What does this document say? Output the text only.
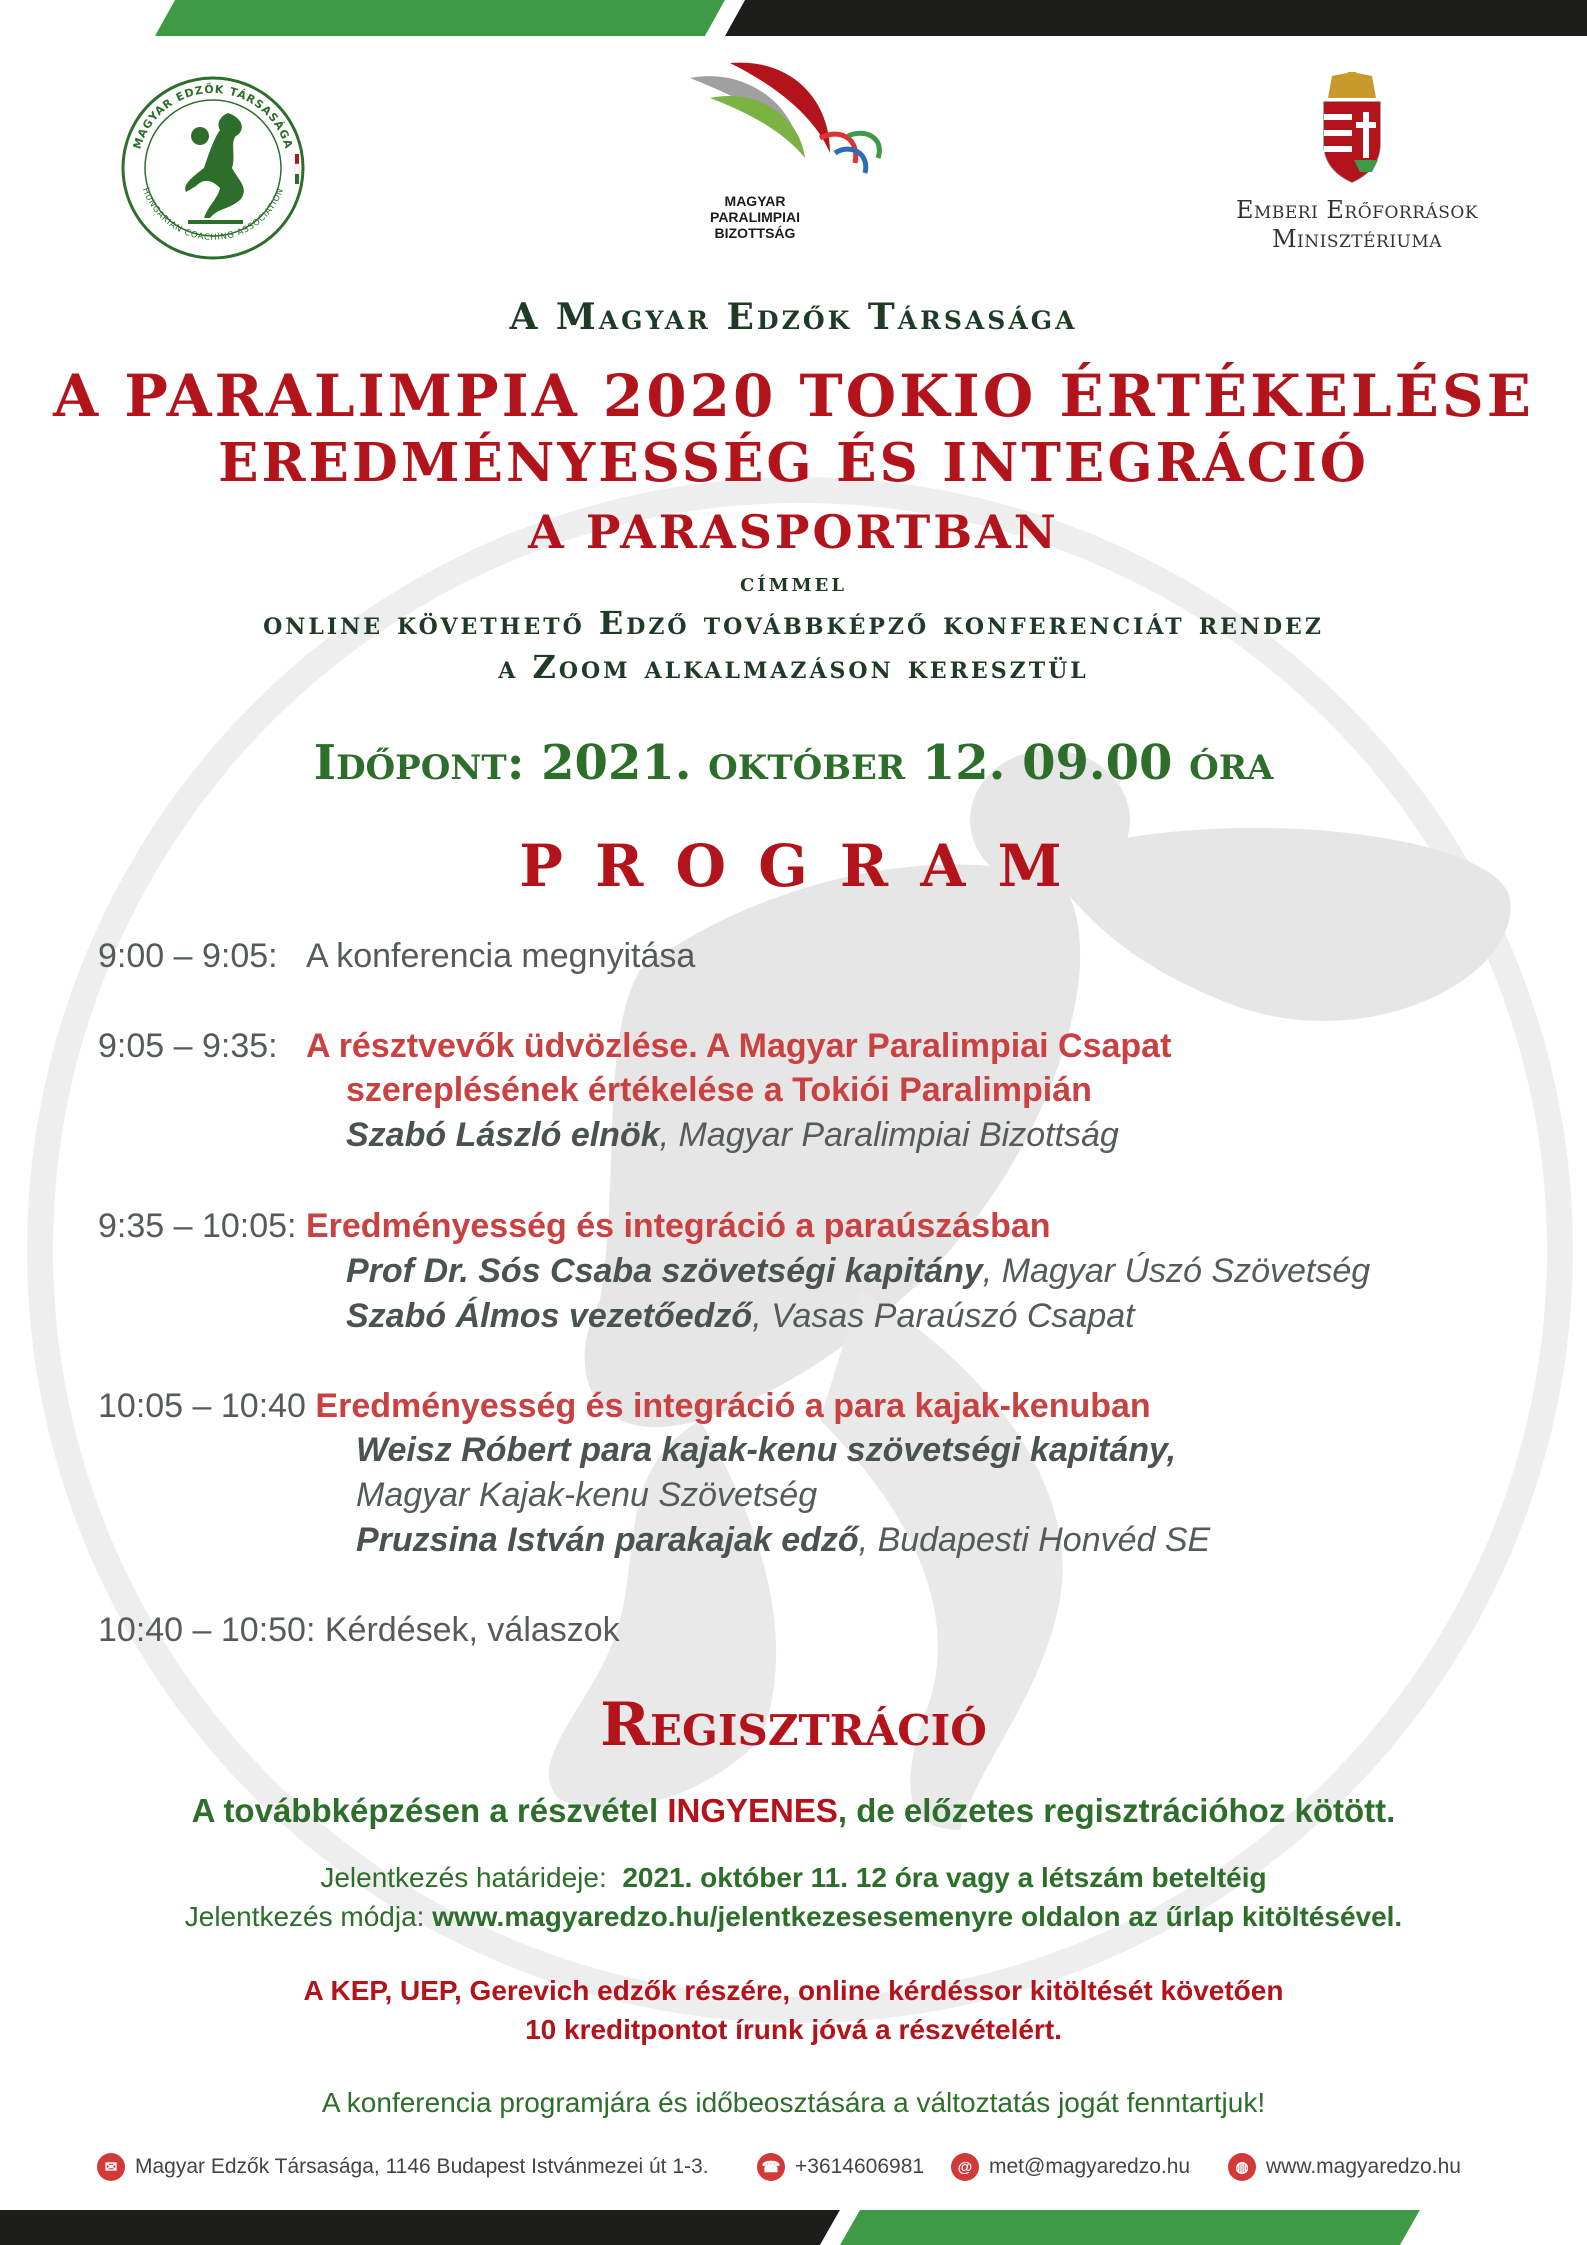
MAGYAR EDZŐK TÁRSASÁGA
HUNGARIAN COACHING ASSOCIATION
MAGYAR
PARALIMPIAI
BIZOTTSÁG
Emberi Erőforrások
Minisztériuma
A Magyar Edzők Társasága
A PARALIMPIA 2020 TOKIO ÉRTÉKELÉSE
EREDMÉNYESSÉG ÉS INTEGRÁCIÓ
A PARASPORTBAN
címmel
online követhető Edző továbbképző konferenciát rendez
a Zoom alkalmazáson keresztül
Időpont: 2021. október 12. 09.00 óra
P R O G R A M
9:00 – 9:05: A konferencia megnyitása
9:05 – 9:35: A résztvevők üdvözlése. A Magyar Paralimpiai Csapat
szereplésének értékelése a Tokiói Paralimpián
Szabó László elnök, Magyar Paralimpiai Bizottság
9:35 – 10:05: Eredményesség és integráció a paraúszásban
Prof Dr. Sós Csaba szövetségi kapitány, Magyar Úszó Szövetség
Szabó Álmos vezetőedző, Vasas Paraúszó Csapat
10:05 – 10:40 Eredményesség és integráció a para kajak-kenuban
Weisz Róbert para kajak-kenu szövetségi kapitány,
Magyar Kajak-kenu Szövetség
Pruzsina István parakajak edző, Budapesti Honvéd SE
10:40 – 10:50: Kérdések, válaszok
Regisztráció
A továbbképzésen a részvétel INGYENES, de előzetes regisztrációhoz kötött.
Jelentkezés határideje: 2021. október 11. 12 óra vagy a létszám beteltéig
Jelentkezés módja: www.magyaredzo.hu/jelentkezesesemenyre oldalon az űrlap kitöltésével.
A KEP, UEP, Gerevich edzők részére, online kérdéssor kitöltését követően
10 kreditpontot írunk jóvá a részvételért.
A konferencia programjára és időbeosztására a változtatás jogát fenntartjuk!
✉ Magyar Edzők Társasága, 1146 Budapest Istvánmezei út 1-3.	☎ +3614606981	@ met@magyaredzo.hu	◍ www.magyaredzo.hu
